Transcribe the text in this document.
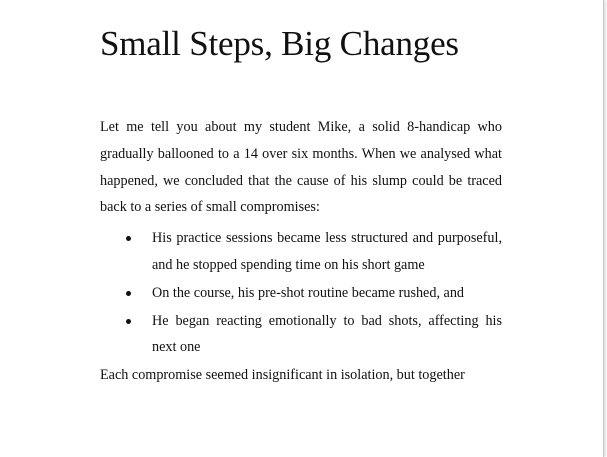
Small Steps, Big Changes

Let me tell you about my student Mike, a solid 8-handicap who gradually ballooned to a 14 over six months. When we analysed what happened, we concluded that the cause of his slump could be traced back to a series of small compromises:

His practice sessions became less structured and purposeful, and he stopped spending time on his short game
On the course, his pre-shot routine became rushed, and
He began reacting emotionally to bad shots, affecting his next one

Each compromise seemed insignificant in isolation, but together
